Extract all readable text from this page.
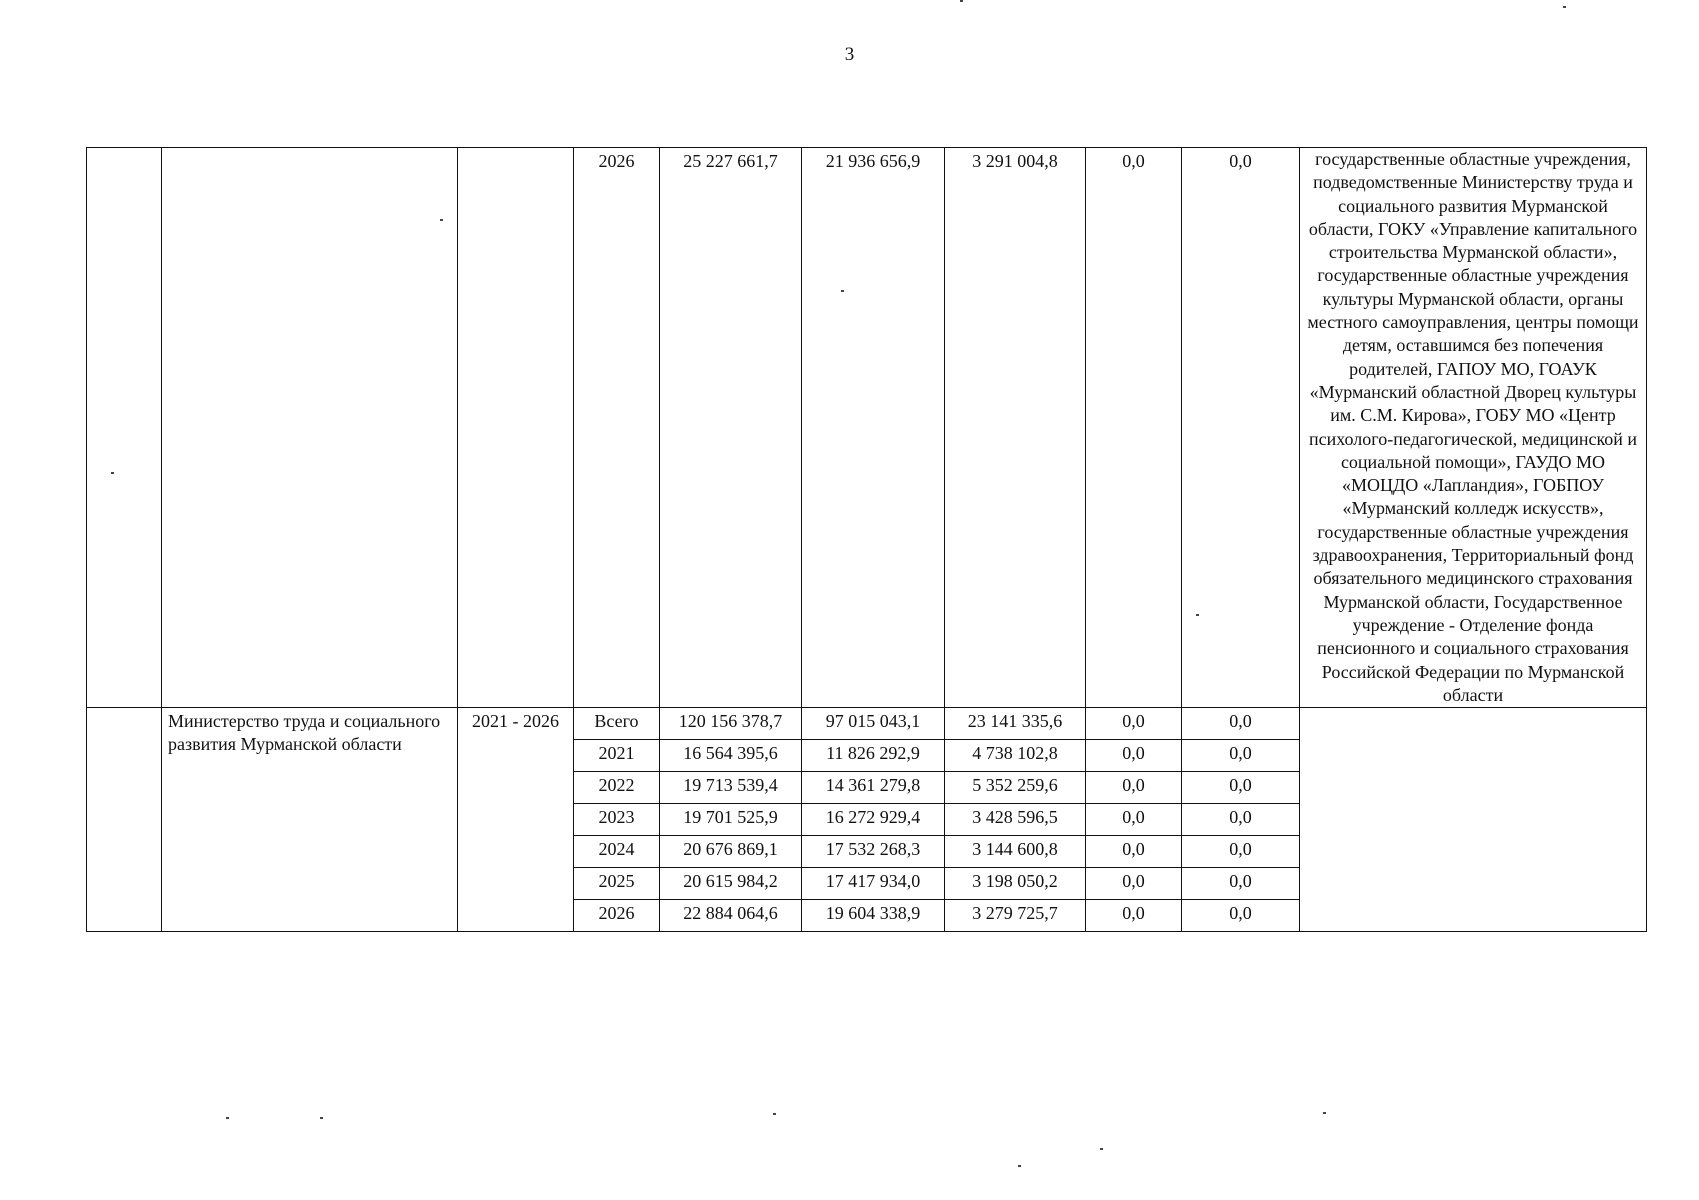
3
			2026	25 227 661,7	21 936 656,9	3 291 004,8	0,0	0,0	государственные областные учреждения, подведомственные Министерству труда и социального развития Мурманской области, ГОКУ «Управление капитального строительства Мурманской области», государственные областные учреждения культуры Мурманской области, органы местного самоуправления, центры помощи детям, оставшимся без попечения родителей, ГАПОУ МО, ГОАУК «Мурманский областной Дворец культуры им. С.М. Кирова», ГОБУ МО «Центр психолого-педагогической, медицинской и социальной помощи», ГАУДО МО «МОЦДО «Лапландия», ГОБПОУ «Мурманский колледж искусств», государственные областные учреждения здравоохранения, Территориальный фонд обязательного медицинского страхования Мурманской области, Государственное учреждение - Отделение фонда пенсионного и социального страхования Российской Федерации по Мурманской области
	Министерство труда и социального развития Мурманской области	2021 - 2026	Всего	120 156 378,7	97 015 043,1	23 141 335,6	0,0	0,0	
			2021	16 564 395,6	11 826 292,9	4 738 102,8	0,0	0,0	
			2022	19 713 539,4	14 361 279,8	5 352 259,6	0,0	0,0	
			2023	19 701 525,9	16 272 929,4	3 428 596,5	0,0	0,0	
			2024	20 676 869,1	17 532 268,3	3 144 600,8	0,0	0,0	
			2025	20 615 984,2	17 417 934,0	3 198 050,2	0,0	0,0	
			2026	22 884 064,6	19 604 338,9	3 279 725,7	0,0	0,0	
